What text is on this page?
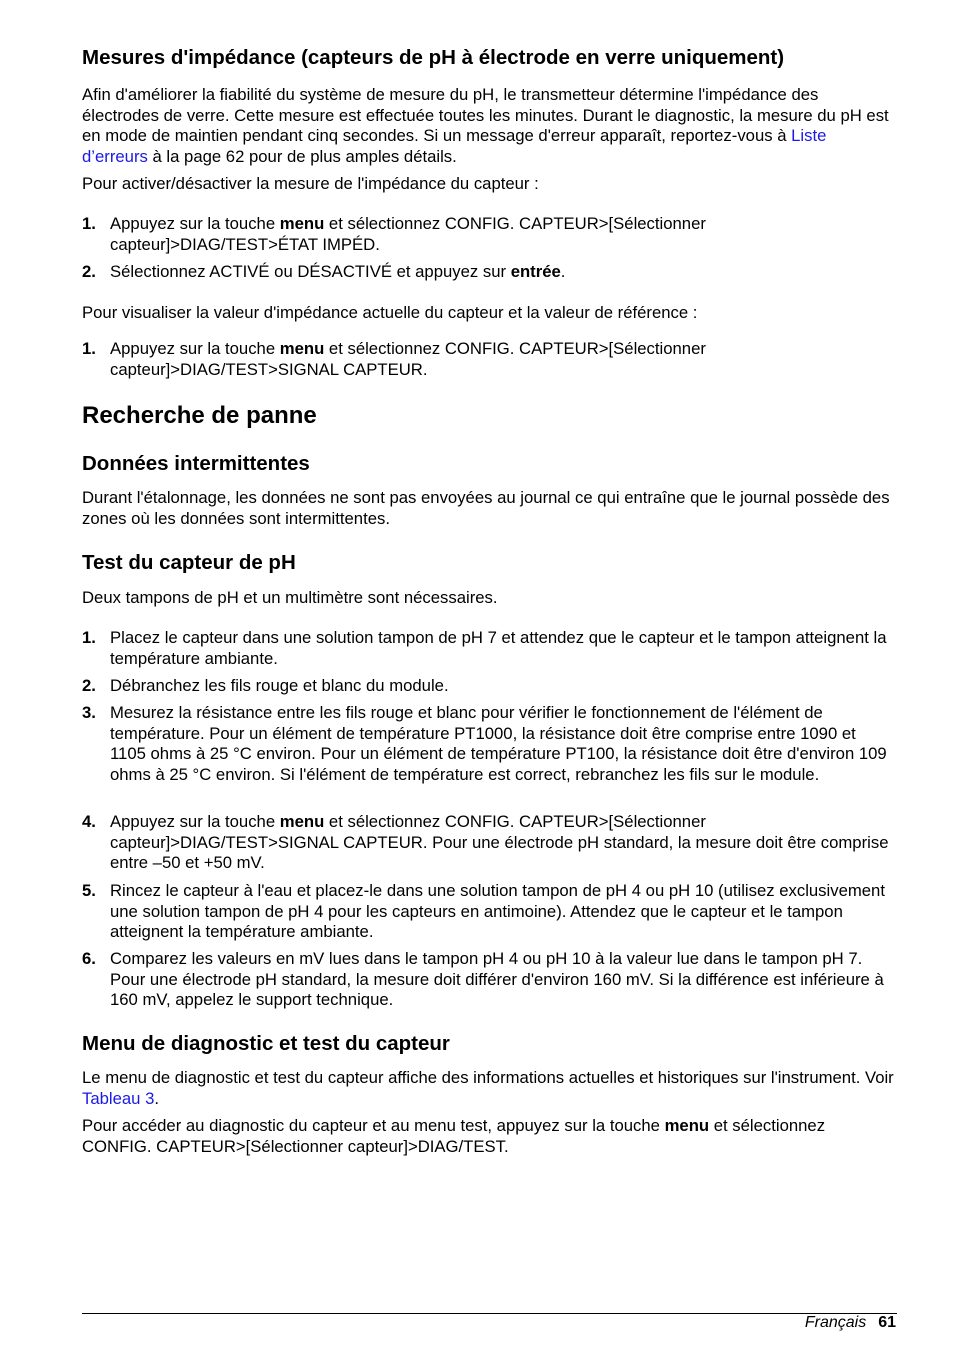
Mesures d'impédance (capteurs de pH à électrode en verre uniquement)

Afin d'améliorer la fiabilité du système de mesure du pH, le transmetteur détermine l'impédance des électrodes de verre. Cette mesure est effectuée toutes les minutes. Durant le diagnostic, la mesure du pH est en mode de maintien pendant cinq secondes. Si un message d'erreur apparaît, reportez-vous à Liste d’erreurs à la page 62 pour de plus amples détails.

Pour activer/désactiver la mesure de l'impédance du capteur :

1. Appuyez sur la touche menu et sélectionnez CONFIG. CAPTEUR>[Sélectionner capteur]>DIAG/TEST>ÉTAT IMPÉD.
2. Sélectionnez ACTIVÉ ou DÉSACTIVÉ et appuyez sur entrée.

Pour visualiser la valeur d'impédance actuelle du capteur et la valeur de référence :

1. Appuyez sur la touche menu et sélectionnez CONFIG. CAPTEUR>[Sélectionner capteur]>DIAG/TEST>SIGNAL CAPTEUR.
Recherche de panne
Données intermittentes

Durant l'étalonnage, les données ne sont pas envoyées au journal ce qui entraîne que le journal possède des zones où les données sont intermittentes.

Test du capteur de pH

Deux tampons de pH et un multimètre sont nécessaires.

1. Placez le capteur dans une solution tampon de pH 7 et attendez que le capteur et le tampon atteignent la température ambiante.
2. Débranchez les fils rouge et blanc du module.
3. Mesurez la résistance entre les fils rouge et blanc pour vérifier le fonctionnement de l'élément de température. Pour un élément de température PT1000, la résistance doit être comprise entre 1090 et 1105 ohms à 25 °C environ. Pour un élément de température PT100, la résistance doit être d'environ 109 ohms à 25 °C environ. Si l'élément de température est correct, rebranchez les fils sur le module.
4. Appuyez sur la touche menu et sélectionnez CONFIG. CAPTEUR>[Sélectionner capteur]>DIAG/TEST>SIGNAL CAPTEUR. Pour une électrode pH standard, la mesure doit être comprise entre –50 et +50 mV.
5. Rincez le capteur à l'eau et placez-le dans une solution tampon de pH 4 ou pH 10 (utilisez exclusivement une solution tampon de pH 4 pour les capteurs en antimoine). Attendez que le capteur et le tampon atteignent la température ambiante.
6. Comparez les valeurs en mV lues dans le tampon pH 4 ou pH 10 à la valeur lue dans le tampon pH 7. Pour une électrode pH standard, la mesure doit différer d'environ 160 mV. Si la différence est inférieure à 160 mV, appelez le support technique.
Menu de diagnostic et test du capteur

Le menu de diagnostic et test du capteur affiche des informations actuelles et historiques sur l'instrument. Voir Tableau 3.

Pour accéder au diagnostic du capteur et au menu test, appuyez sur la touche menu et sélectionnez CONFIG. CAPTEUR>[Sélectionner capteur]>DIAG/TEST.

Français 61
